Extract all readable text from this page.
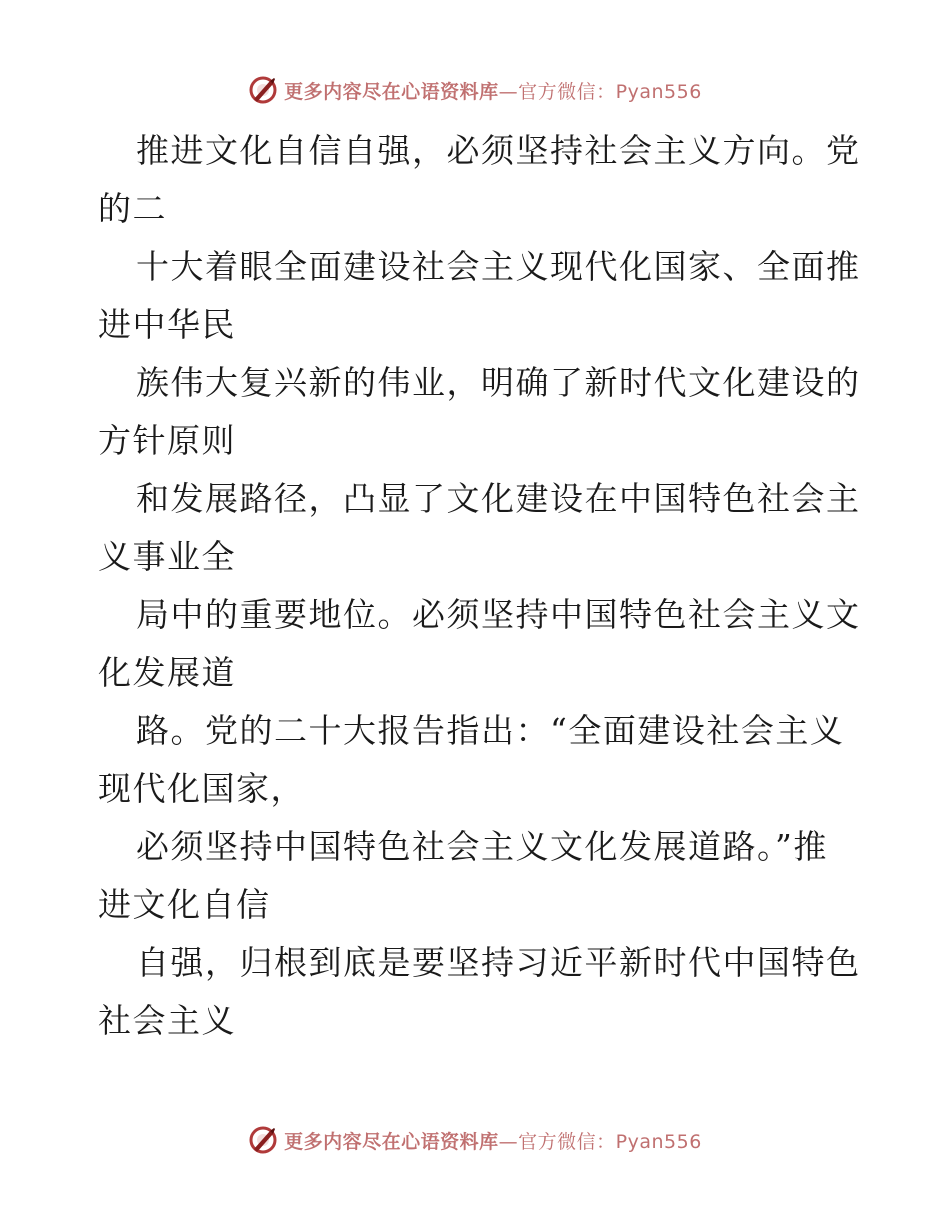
更多内容尽在心语资料库—官方微信：Pyan556
推进文化自信自强，必须坚持社会主义方向。党
的二
十大着眼全面建设社会主义现代化国家、全面推
进中华民
族伟大复兴新的伟业，明确了新时代文化建设的
方针原则
和发展路径，凸显了文化建设在中国特色社会主
义事业全
局中的重要地位。必须坚持中国特色社会主义文
化发展道
路。党的二十大报告指出：“全面建设社会主义
现代化国家，
必须坚持中国特色社会主义文化发展道路。”推
进文化自信
自强，归根到底是要坚持习近平新时代中国特色
社会主义
更多内容尽在心语资料库—官方微信：Pyan556
